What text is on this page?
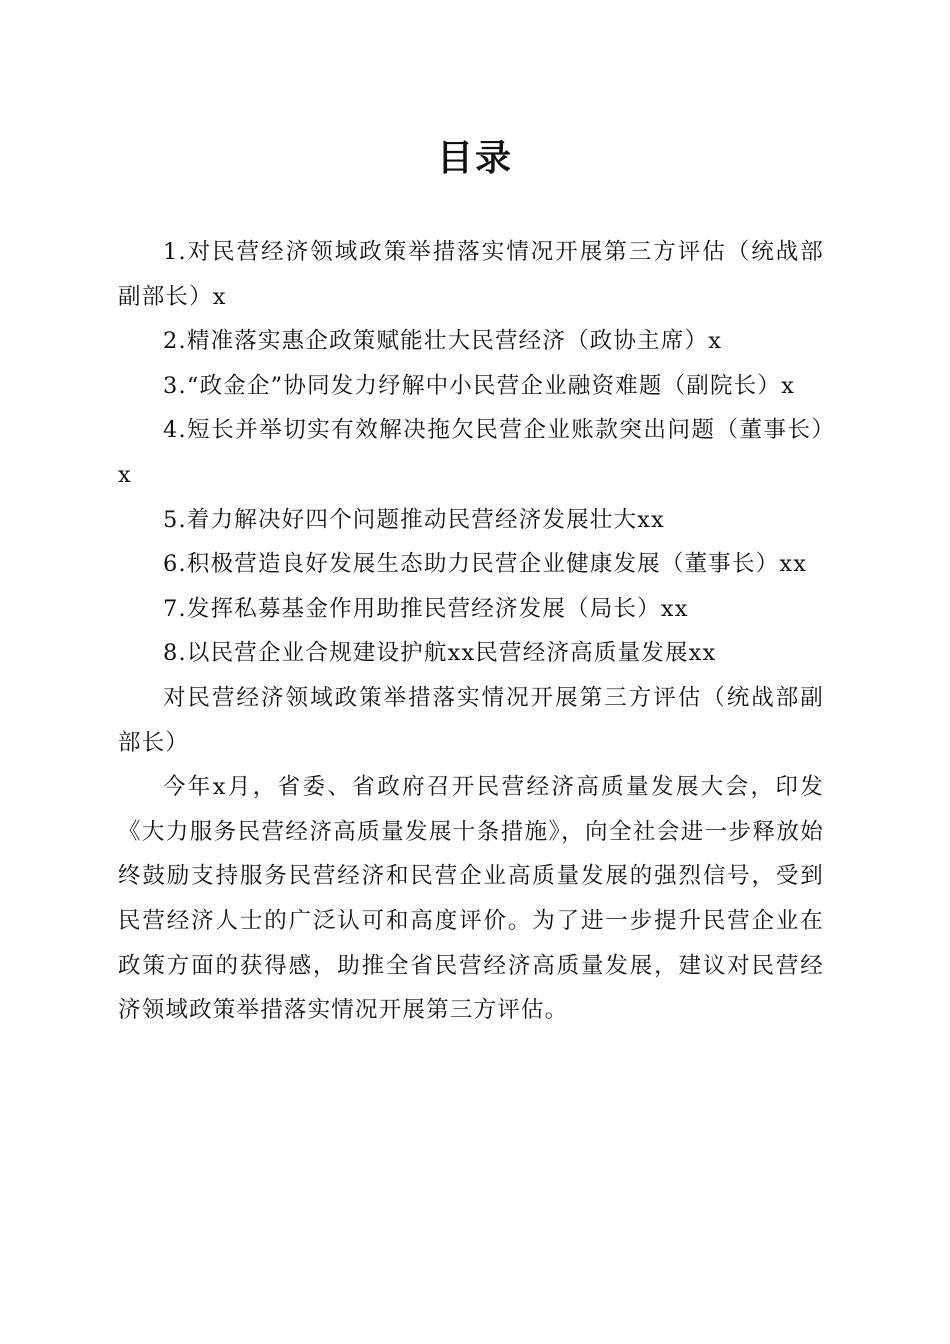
目录

1.对民营经济领域政策举措落实情况开展第三方评估（统战部副部长）x

2.精准落实惠企政策赋能壮大民营经济（政协主席）x

3.“政金企”协同发力纾解中小民营企业融资难题（副院长）x

4.短长并举切实有效解决拖欠民营企业账款突出问题（董事长）x

5.着力解决好四个问题推动民营经济发展壮大xx

6.积极营造良好发展生态助力民营企业健康发展（董事长）xx

7.发挥私募基金作用助推民营经济发展（局长）xx

8.以民营企业合规建设护航xx民营经济高质量发展xx

对民营经济领域政策举措落实情况开展第三方评估（统战部副部长）

今年x月，省委、省政府召开民营经济高质量发展大会，印发《大力服务民营经济高质量发展十条措施》，向全社会进一步释放始终鼓励支持服务民营经济和民营企业高质量发展的强烈信号，受到民营经济人士的广泛认可和高度评价。为了进一步提升民营企业在政策方面的获得感，助推全省民营经济高质量发展，建议对民营经济领域政策举措落实情况开展第三方评估。
